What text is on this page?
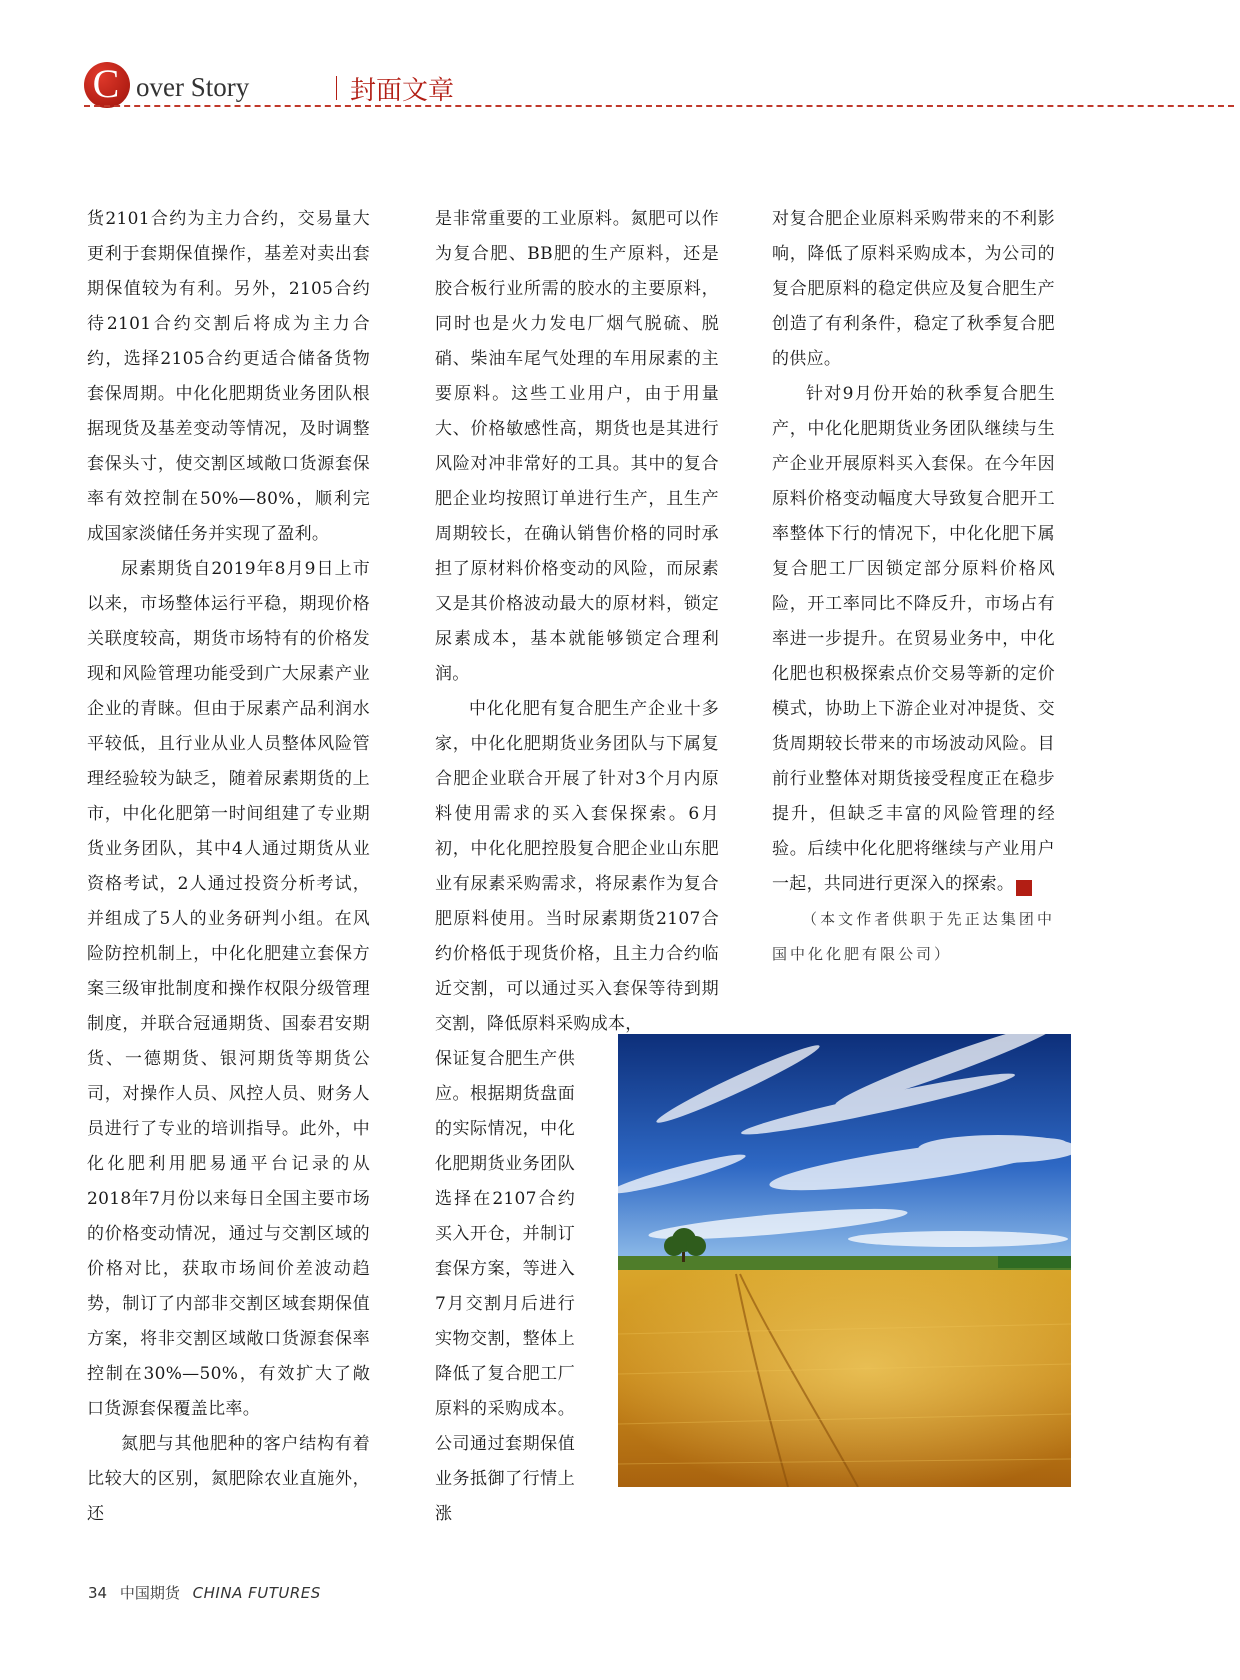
C over Story	封面文章

货2101合约为主力合约，交易量大更利于套期保值操作，基差对卖出套期保值较为有利。另外，2105合约待2101合约交割后将成为主力合约，选择2105合约更适合储备货物套保周期。中化化肥期货业务团队根据现货及基差变动等情况，及时调整套保头寸，使交割区域敞口货源套保率有效控制在50%—80%，顺利完成国家淡储任务并实现了盈利。

尿素期货自2019年8月9日上市以来，市场整体运行平稳，期现价格关联度较高，期货市场特有的价格发现和风险管理功能受到广大尿素产业企业的青睐。但由于尿素产品利润水平较低，且行业从业人员整体风险管理经验较为缺乏，随着尿素期货的上市，中化化肥第一时间组建了专业期货业务团队，其中4人通过期货从业资格考试，2人通过投资分析考试，并组成了5人的业务研判小组。在风险防控机制上，中化化肥建立套保方案三级审批制度和操作权限分级管理制度，并联合冠通期货、国泰君安期货、一德期货、银河期货等期货公司，对操作人员、风控人员、财务人员进行了专业的培训指导。此外，中化化肥利用肥易通平台记录的从2018年7月份以来每日全国主要市场的价格变动情况，通过与交割区域的价格对比，获取市场间价差波动趋势，制订了内部非交割区域套期保值方案，将非交割区域敞口货源套保率控制在30%—50%，有效扩大了敞口货源套保覆盖比率。

氮肥与其他肥种的客户结构有着比较大的区别，氮肥除农业直施外，还

是非常重要的工业原料。氮肥可以作为复合肥、BB肥的生产原料，还是胶合板行业所需的胶水的主要原料，同时也是火力发电厂烟气脱硫、脱硝、柴油车尾气处理的车用尿素的主要原料。这些工业用户，由于用量大、价格敏感性高，期货也是其进行风险对冲非常好的工具。其中的复合肥企业均按照订单进行生产，且生产周期较长，在确认销售价格的同时承担了原材料价格变动的风险，而尿素又是其价格波动最大的原材料，锁定尿素成本，基本就能够锁定合理利润。

中化化肥有复合肥生产企业十多家，中化化肥期货业务团队与下属复合肥企业联合开展了针对3个月内原料使用需求的买入套保探索。6月初，中化化肥控股复合肥企业山东肥业有尿素采购需求，将尿素作为复合肥原料使用。当时尿素期货2107合约价格低于现货价格，且主力合约临近交割，可以通过买入套保等待到期交割，降低原料采购成本，

保证复合肥生产供应。根据期货盘面的实际情况，中化化肥期货业务团队选择在2107合约买入开仓，并制订套保方案，等进入7月交割月后进行实物交割，整体上降低了复合肥工厂原料的采购成本。公司通过套期保值业务抵御了行情上涨

对复合肥企业原料采购带来的不利影响，降低了原料采购成本，为公司的复合肥原料的稳定供应及复合肥生产创造了有利条件，稳定了秋季复合肥的供应。

针对9月份开始的秋季复合肥生产，中化化肥期货业务团队继续与生产企业开展原料买入套保。在今年因原料价格变动幅度大导致复合肥开工率整体下行的情况下，中化化肥下属复合肥工厂因锁定部分原料价格风险，开工率同比不降反升，市场占有率进一步提升。在贸易业务中，中化化肥也积极探索点价交易等新的定价模式，协助上下游企业对冲提货、交货周期较长带来的市场波动风险。目前行业整体对期货接受程度正在稳步提升，但缺乏丰富的风险管理的经验。后续中化化肥将继续与产业用户一起，共同进行更深入的探索。	中

（本文作者供职于先正达集团中国中化化肥有限公司）

34 中国期货 CHINA FUTURES
